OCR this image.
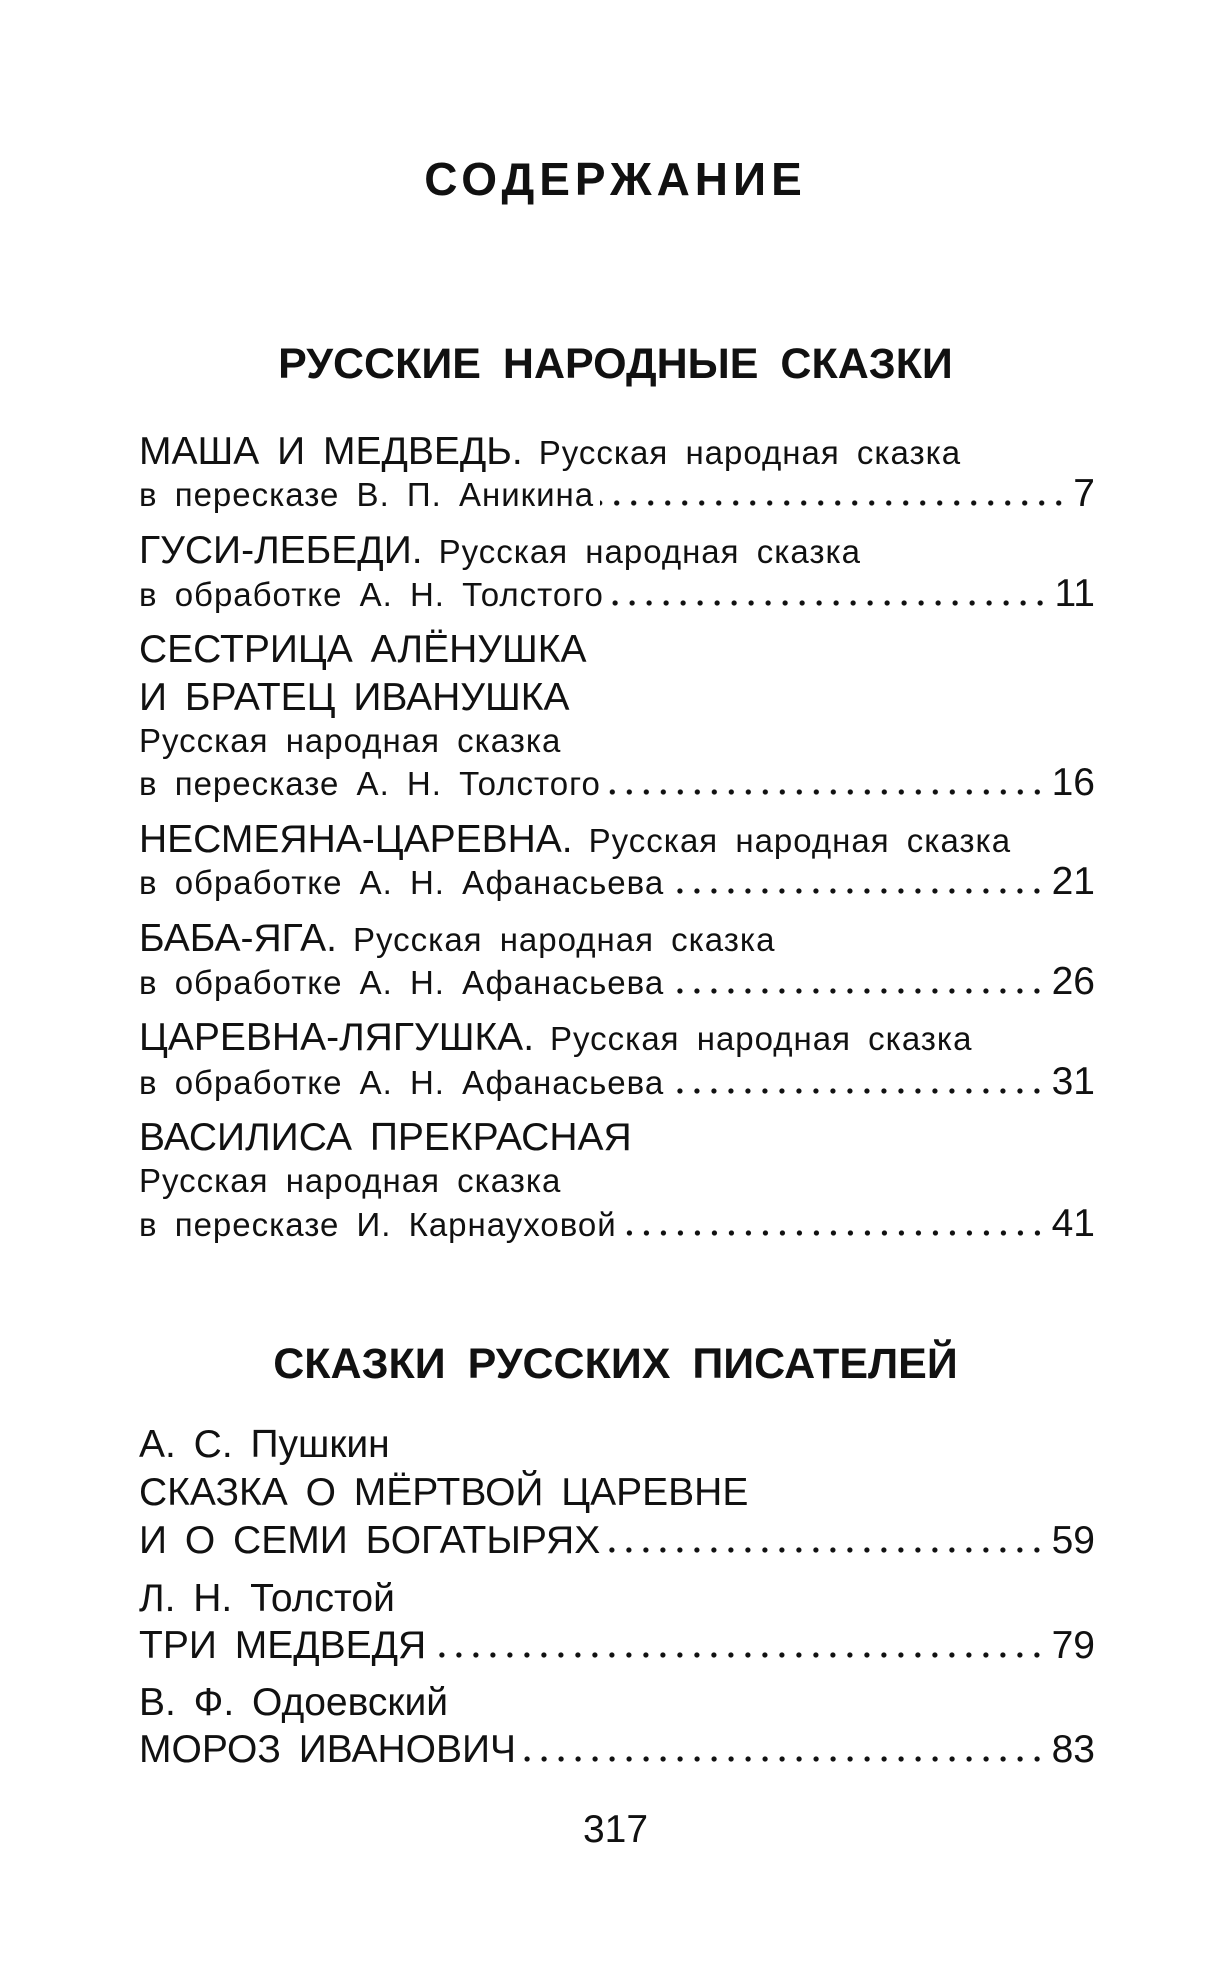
СОДЕРЖАНИЕ
РУССКИЕ НАРОДНЫЕ СКАЗКИ
МАША И МЕДВЕДЬ. Русская народная сказка
в пересказе В. П. Аникина	7
ГУСИ-ЛЕБЕДИ. Русская народная сказка
в обработке А. Н. Толстого	11
СЕСТРИЦА АЛЁНУШКА
И БРАТЕЦ ИВАНУШКА
Русская народная сказка
в пересказе А. Н. Толстого	16
НЕСМЕЯНА-ЦАРЕВНА. Русская народная сказка
в обработке А. Н. Афанасьева	21
БАБА-ЯГА. Русская народная сказка
в обработке А. Н. Афанасьева	26
ЦАРЕВНА-ЛЯГУШКА. Русская народная сказка
в обработке А. Н. Афанасьева	31
ВАСИЛИСА ПРЕКРАСНАЯ
Русская народная сказка
в пересказе И. Карнауховой	41
СКАЗКИ РУССКИХ ПИСАТЕЛЕЙ
А. С. Пушкин
СКАЗКА О МЁРТВОЙ ЦАРЕВНЕ
И О СЕМИ БОГАТЫРЯХ	59
Л. Н. Толстой
ТРИ МЕДВЕДЯ	79
В. Ф. Одоевский
МОРОЗ ИВАНОВИЧ	83
317
